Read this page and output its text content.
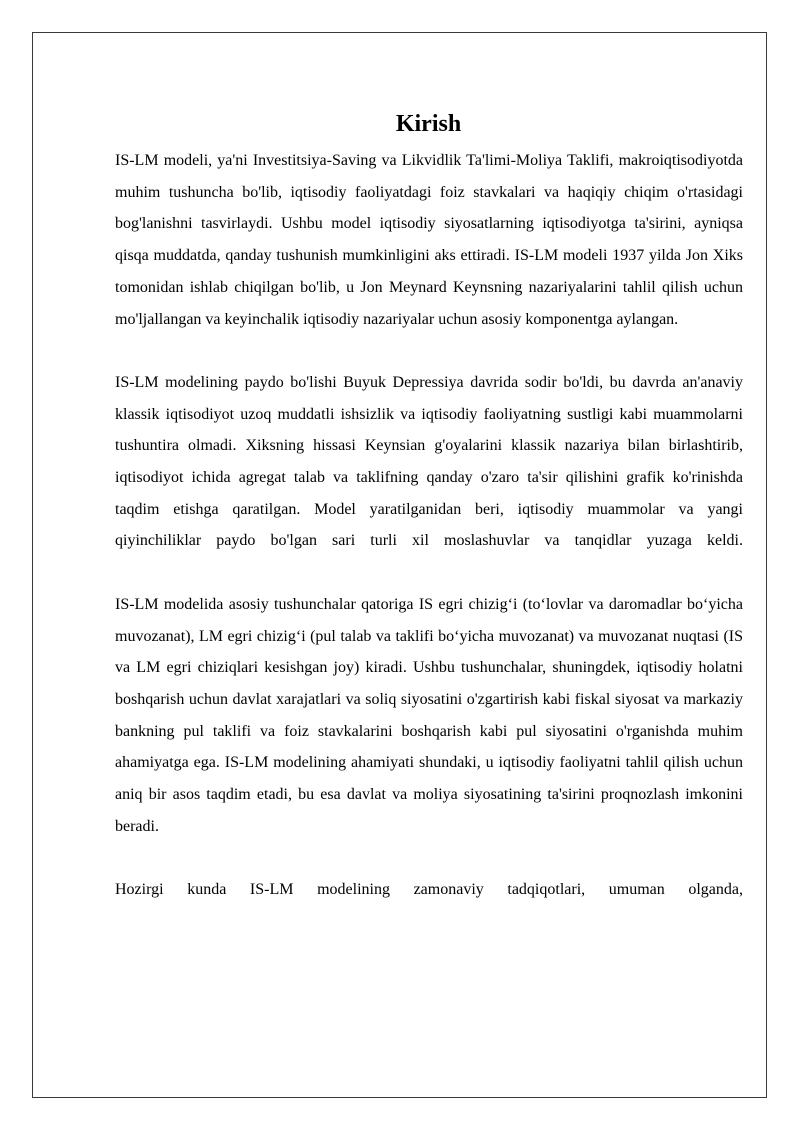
Kirish

IS-LM modeli, ya'ni Investitsiya-Saving va Likvidlik Ta'limi-Moliya Taklifi, makroiqtisodiyotda muhim tushuncha bo'lib, iqtisodiy faoliyatdagi foiz stavkalari va haqiqiy chiqim o'rtasidagi bog'lanishni tasvirlaydi. Ushbu model iqtisodiy siyosatlarning iqtisodiyotga ta'sirini, ayniqsa qisqa muddatda, qanday tushunish mumkinligini aks ettiradi. IS-LM modeli 1937 yilda Jon Xiks tomonidan ishlab chiqilgan bo'lib, u Jon Meynard Keynsning nazariyalarini tahlil qilish uchun mo'ljallangan va keyinchalik iqtisodiy nazariyalar uchun asosiy komponentga aylangan.

IS-LM modelining paydo bo'lishi Buyuk Depressiya davrida sodir bo'ldi, bu davrda an'anaviy klassik iqtisodiyot uzoq muddatli ishsizlik va iqtisodiy faoliyatning sustligi kabi muammolarni tushuntira olmadi. Xiksning hissasi Keynsian g'oyalarini klassik nazariya bilan birlashtirib, iqtisodiyot ichida agregat talab va taklifning qanday o'zaro ta'sir qilishini grafik ko'rinishda taqdim etishga qaratilgan. Model yaratilganidan beri, iqtisodiy muammolar va yangi qiyinchiliklar paydo bo'lgan sari turli xil moslashuvlar va tanqidlar yuzaga keldi.

IS-LM modelida asosiy tushunchalar qatoriga IS egri chizig‘i (to‘lovlar va daromadlar bo‘yicha muvozanat), LM egri chizig‘i (pul talab va taklifi bo‘yicha muvozanat) va muvozanat nuqtasi (IS va LM egri chiziqlari kesishgan joy) kiradi. Ushbu tushunchalar, shuningdek, iqtisodiy holatni boshqarish uchun davlat xarajatlari va soliq siyosatini o'zgartirish kabi fiskal siyosat va markaziy bankning pul taklifi va foiz stavkalarini boshqarish kabi pul siyosatini o'rganishda muhim ahamiyatga ega. IS-LM modelining ahamiyati shundaki, u iqtisodiy faoliyatni tahlil qilish uchun aniq bir asos taqdim etadi, bu esa davlat va moliya siyosatining ta'sirini proqnozlash imkonini beradi.

Hozirgi kunda IS-LM modelining zamonaviy tadqiqotlari, umuman olganda,
